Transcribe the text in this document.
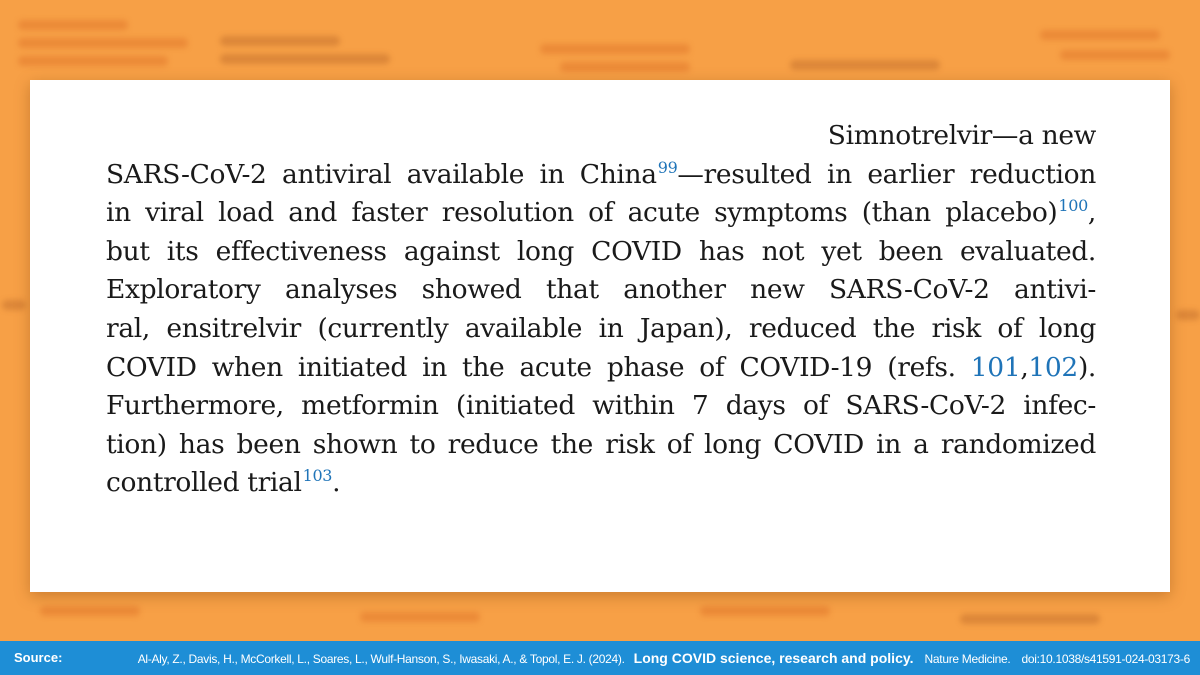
Simnotrelvir—a new
SARS-CoV-2 antiviral available in China$^{99}$—resulted in earlier reduction
in viral load and faster resolution of acute symptoms (than placebo)$^{100}$,
but its effectiveness against long COVID has not yet been evaluated.
Exploratory analyses showed that another new SARS-CoV-2 antivi-
ral, ensitrelvir (currently available in Japan), reduced the risk of long
COVID when initiated in the acute phase of COVID-19 (refs. 101,102).
Furthermore, metformin (initiated within 7 days of SARS-CoV-2 infec-
tion) has been shown to reduce the risk of long COVID in a randomized
controlled trial$^{103}$.
Source:	Al-Aly, Z., Davis, H., McCorkell, L., Soares, L., Wulf-Hanson, S., Iwasaki, A., & Topol, E. J. (2024). Long COVID science, research and policy. Nature Medicine. doi:10.1038/s41591-024-03173-6
